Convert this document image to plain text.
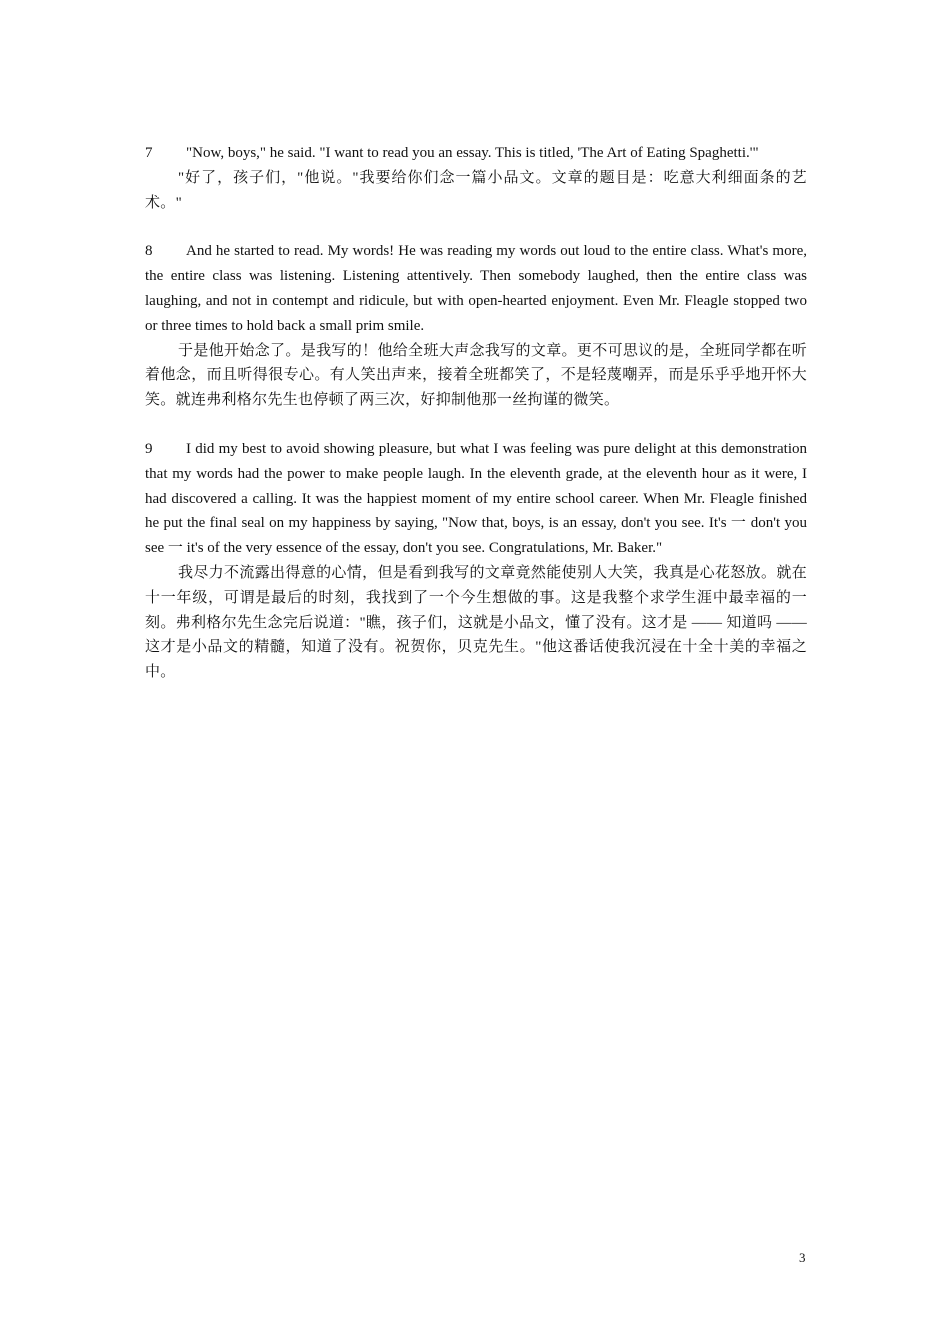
7 "Now, boys," he said. "I want to read you an essay. This is titled, 'The Art of Eating Spaghetti.'"

"好了，孩子们，"他说。"我要给你们念一篇小品文。文章的题目是：吃意大利细面条的艺术。"

8 And he started to read. My words! He was reading my words out loud to the entire class. What's more, the entire class was listening. Listening attentively. Then somebody laughed, then the entire class was laughing, and not in contempt and ridicule, but with open-hearted enjoyment. Even Mr. Fleagle stopped two or three times to hold back a small prim smile.

于是他开始念了。是我写的！他给全班大声念我写的文章。更不可思议的是，全班同学都在听着他念，而且听得很专心。有人笑出声来，接着全班都笑了，不是轻蔑嘲弄，而是乐乎乎地开怀大笑。就连弗利格尔先生也停顿了两三次，好抑制他那一丝拘谨的微笑。

9 I did my best to avoid showing pleasure, but what I was feeling was pure delight at this demonstration that my words had the power to make people laugh. In the eleventh grade, at the eleventh hour as it were, I had discovered a calling. It was the happiest moment of my entire school career. When Mr. Fleagle finished he put the final seal on my happiness by saying, "Now that, boys, is an essay, don't you see. It's 一 don't you see 一 it's of the very essence of the essay, don't you see. Congratulations, Mr. Baker."

我尽力不流露出得意的心情，但是看到我写的文章竟然能使别人大笑，我真是心花怒放。就在十一年级，可谓是最后的时刻，我找到了一个今生想做的事。这是我整个求学生涯中最幸福的一刻。弗利格尔先生念完后说道："瞧，孩子们，这就是小品文，懂了没有。这才是 —— 知道吗 —— 这才是小品文的精髓，知道了没有。祝贺你，贝克先生。"他这番话使我沉浸在十全十美的幸福之中。

3
